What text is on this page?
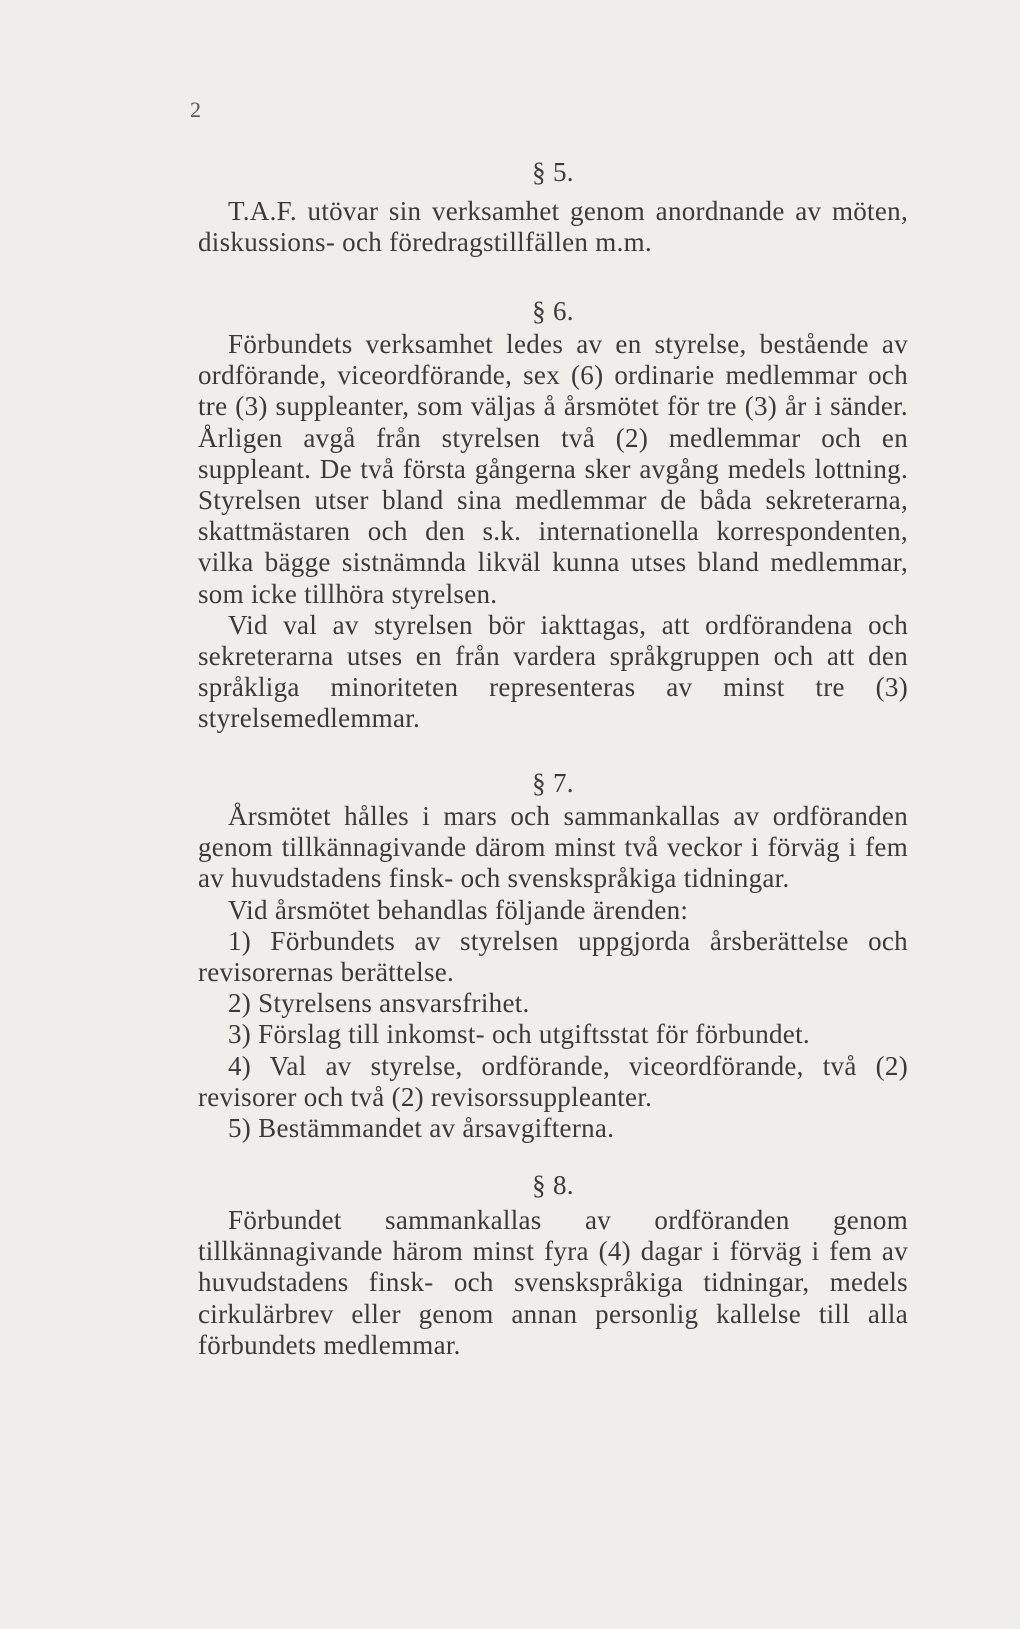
2
§ 5.

T.A.F. utövar sin verksamhet genom anordnande av möten, diskussions- och föredragstillfällen m.m.

§ 6.

Förbundets verksamhet ledes av en styrelse, bestående av ordförande, viceordförande, sex (6) ordinarie medlemmar och tre (3) suppleanter, som väljas å årsmötet för tre (3) år i sänder. Årligen avgå från styrelsen två (2) medlemmar och en suppleant. De två första gångerna sker avgång medels lottning. Styrelsen utser bland sina medlemmar de båda sekreterarna, skattmästaren och den s.k. internationella korrespondenten, vilka bägge sistnämnda likväl kunna utses bland medlemmar, som icke tillhöra styrelsen.

Vid val av styrelsen bör iakttagas, att ordförandena och sekreterarna utses en från vardera språkgruppen och att den språkliga minoriteten representeras av minst tre (3) styrelsemedlemmar.

§ 7.

Årsmötet hålles i mars och sammankallas av ordföranden genom tillkännagivande därom minst två veckor i förväg i fem av huvudstadens finsk- och svenskspråkiga tidningar.

Vid årsmötet behandlas följande ärenden:

1) Förbundets av styrelsen uppgjorda årsberättelse och revisorernas berättelse.

2) Styrelsens ansvarsfrihet.

3) Förslag till inkomst- och utgiftsstat för förbundet.

4) Val av styrelse, ordförande, viceordförande, två (2) revisorer och två (2) revisorssuppleanter.

5) Bestämmandet av årsavgifterna.

§ 8.

Förbundet sammankallas av ordföranden genom tillkännagivande härom minst fyra (4) dagar i förväg i fem av huvudstadens finsk- och svenskspråkiga tidningar, medels cirkulärbrev eller genom annan personlig kallelse till alla förbundets medlemmar.
